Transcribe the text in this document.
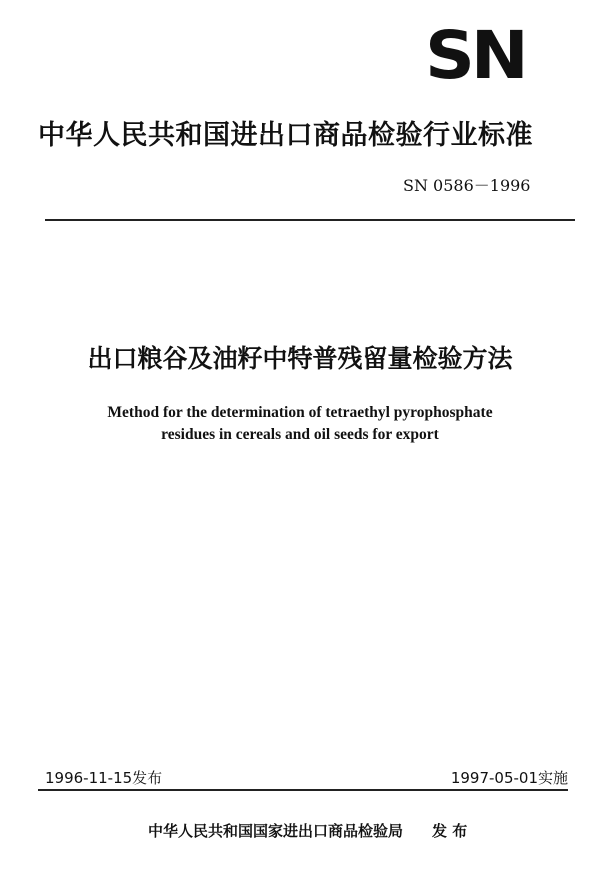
SN
中华人民共和国进出口商品检验行业标准
SN 0586－1996
出口粮谷及油籽中特普残留量检验方法
Method for the determination of tetraethyl pyrophosphate
residues in cereals and oil seeds for export
1996-11-15发布	1997-05-01实施
中华人民共和国国家进出口商品检验局 发 布
